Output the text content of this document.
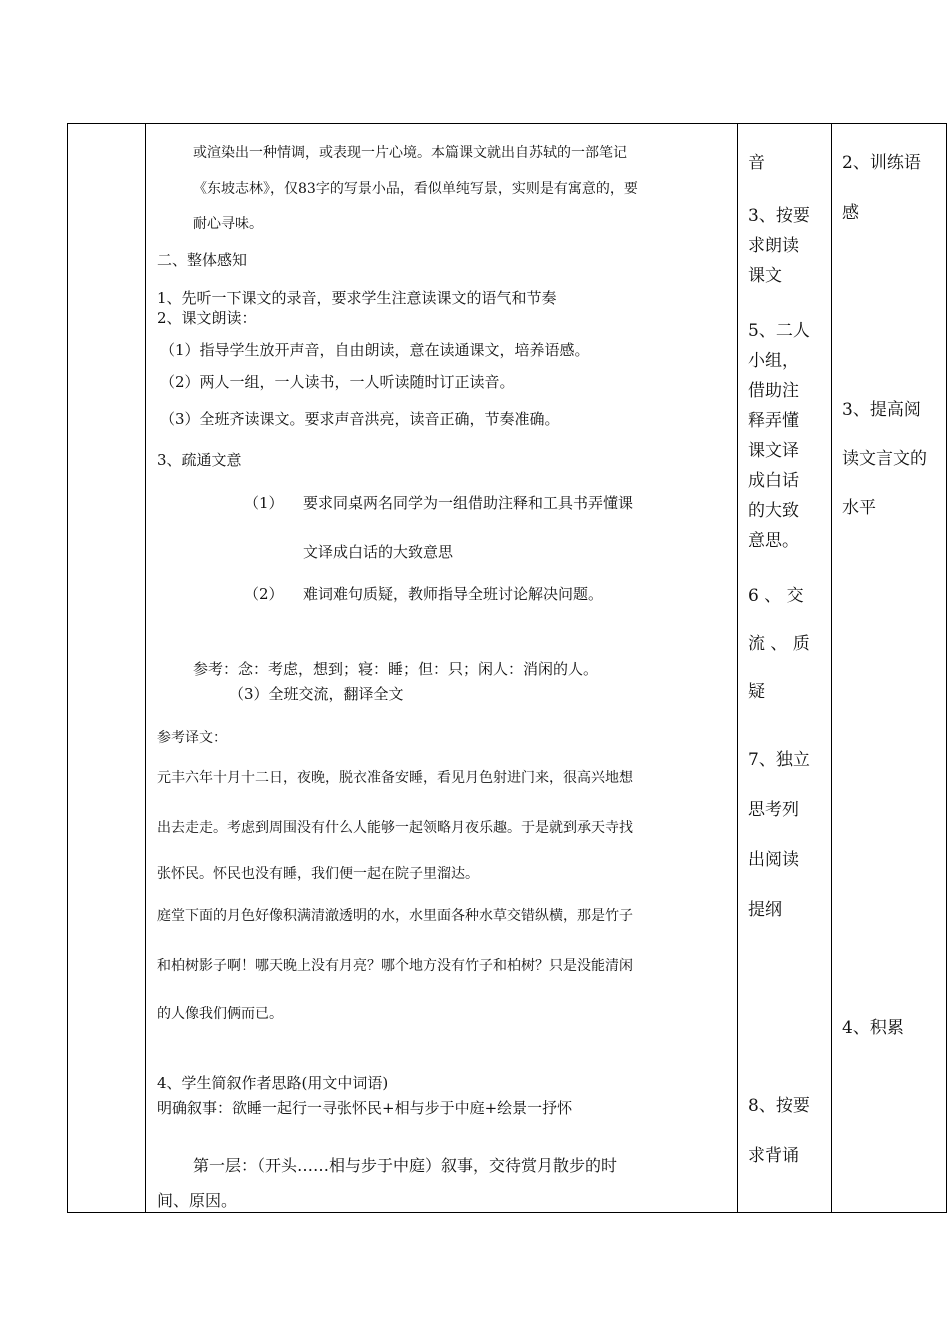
或渲染出一种情调，或表现一片心境。本篇课文就出自苏轼的一部笔记
《东坡志林》，仅83字的写景小品，看似单纯写景，实则是有寓意的，要
耐心寻味。
二、整体感知
1、先听一下课文的录音，要求学生注意读课文的语气和节奏
2、课文朗读：
（1）指导学生放开声音，自由朗读，意在读通课文，培养语感。
（2）两人一组，一人读书，一人听读随时订正读音。
（3）全班齐读课文。要求声音洪亮，读音正确，节奏准确。
3、疏通文意
（1） 要求同桌两名同学为一组借助注释和工具书弄懂课
文译成白话的大致意思
（2） 难词难句质疑，教师指导全班讨论解决问题。
参考：念：考虑，想到；寝：睡；但：只；闲人：消闲的人。
（3）全班交流，翻译全文
参考译文：
元丰六年十月十二日，夜晚，脱衣准备安睡，看见月色射进门来，很高兴地想
出去走走。考虑到周围没有什么人能够一起领略月夜乐趣。于是就到承天寺找
张怀民。怀民也没有睡，我们便一起在院子里溜达。
庭堂下面的月色好像积满清澈透明的水，水里面各种水草交错纵横，那是竹子
和柏树影子啊！哪天晚上没有月亮？哪个地方没有竹子和柏树？只是没能清闲
的人像我们俩而已。
4、学生简叙作者思路(用文中词语)
明确叙事：欲睡一起行一寻张怀民+相与步于中庭+绘景一抒怀
第一层：（开头……相与步于中庭）叙事，交待赏月散步的时
间、原因。
音
3、按要
求朗读
课文
5、二人
小组，
借助注
释弄懂
课文译
成白话
的大致
意思。
6 、 交
流 、 质
疑
7、独立
思考列
出阅读
提纲
8、按要
求背诵
2、训练语
感
3、提高阅
读文言文的
水平
4、积累
